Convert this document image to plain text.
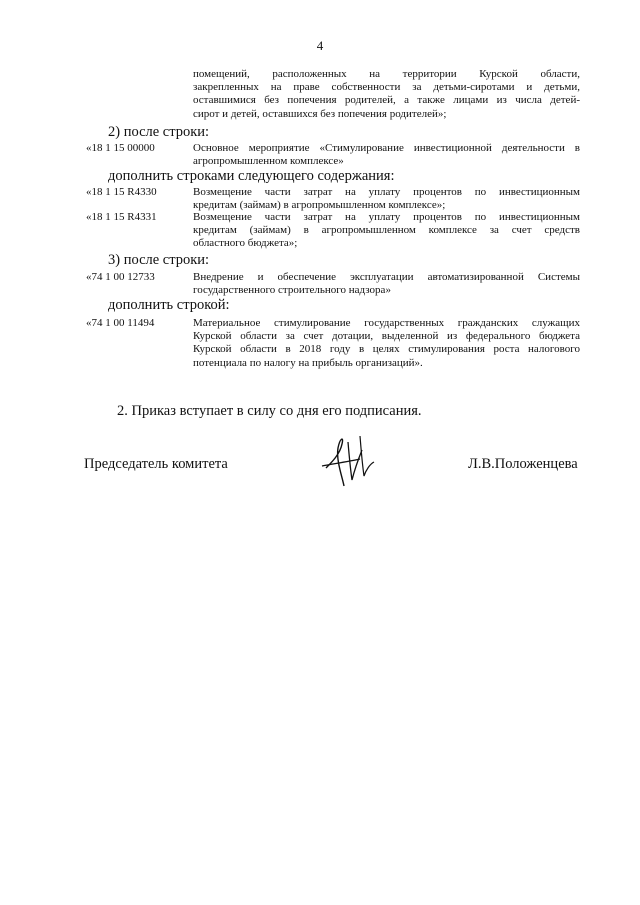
4
помещений, расположенных на территории Курской области,
закрепленных на праве собственности за детьми-сиротами и детьми,
оставшимися без попечения родителей, а также лицами из числа детей-
сирот и детей, оставшихся без попечения родителей»;
2) после строки:
«18 1 15 00000	Основное мероприятие «Стимулирование инвестиционной деятельности в
агропромышленном комплексе»
дополнить строками следующего содержания:
«18 1 15 R4330	Возмещение части затрат на уплату процентов по инвестиционным
кредитам (займам) в агропромышленном комплексе»;
«18 1 15 R4331	Возмещение части затрат на уплату процентов по инвестиционным
кредитам (займам) в агропромышленном комплексе за счет средств
областного бюджета»;
3) после строки:
«74 1 00 12733	Внедрение и обеспечение эксплуатации автоматизированной Системы
государственного строительного надзора»
дополнить строкой:
«74 1 00 11494	Материальное стимулирование государственных гражданских служащих
Курской области за счет дотации, выделенной из федерального бюджета
Курской области в 2018 году в целях стимулирования роста налогового
потенциала по налогу на прибыль организаций».
2. Приказ вступает в силу со дня его подписания.
Председатель комитета	Л.В.Положенцева
